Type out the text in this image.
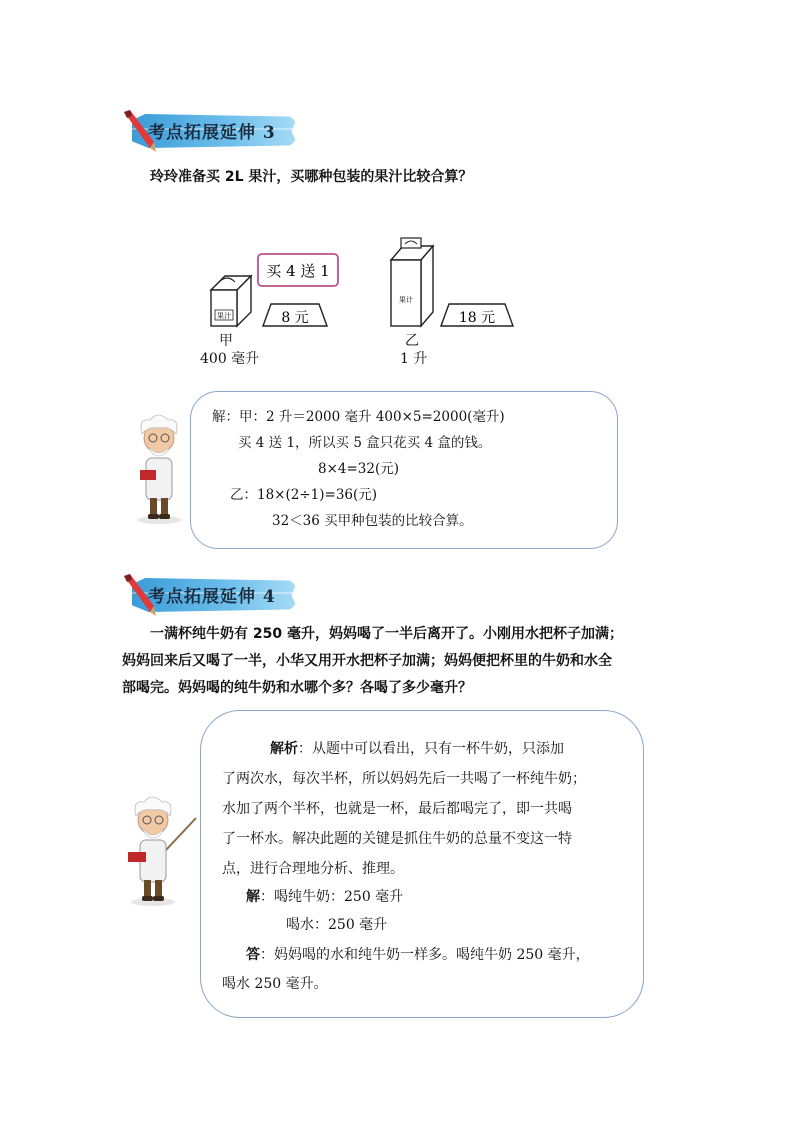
考点拓展延伸 3
玲玲准备买 2L 果汁，买哪种包装的果汁比较合算？
果汁
买 4 送 1
8 元
果计
18 元
甲
400 毫升
乙
1 升
解：甲：2 升＝2000 毫升 400×5=2000(毫升)
买 4 送 1，所以买 5 盒只花买 4 盒的钱。
8×4=32(元)
乙：18×(2÷1)=36(元)
32＜36 买甲种包装的比较合算。
考点拓展延伸 4
一满杯纯牛奶有 250 毫升，妈妈喝了一半后离开了。小刚用水把杯子加满；
妈妈回来后又喝了一半，小华又用开水把杯子加满；妈妈便把杯里的牛奶和水全
部喝完。妈妈喝的纯牛奶和水哪个多？各喝了多少毫升？
解析：从题中可以看出，只有一杯牛奶，只添加
了两次水，每次半杯，所以妈妈先后一共喝了一杯纯牛奶；
水加了两个半杯，也就是一杯，最后都喝完了，即一共喝
了一杯水。解决此题的关键是抓住牛奶的总量不变这一特
点，进行合理地分析、推理。
解：喝纯牛奶：250 毫升
喝水：250 毫升
答：妈妈喝的水和纯牛奶一样多。喝纯牛奶 250 毫升，
喝水 250 毫升。
